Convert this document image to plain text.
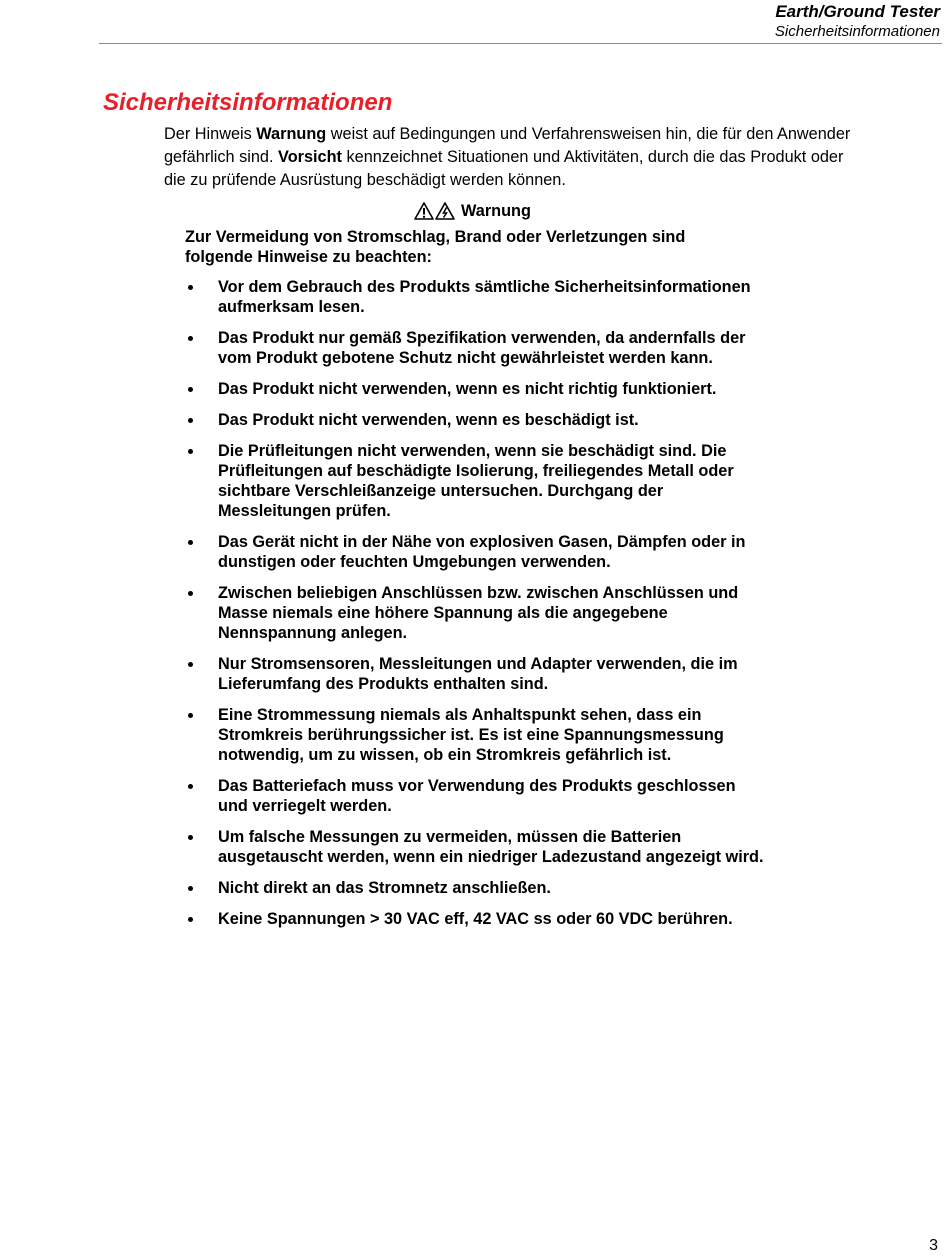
Earth/Ground Tester
Sicherheitsinformationen
Sicherheitsinformationen

Der Hinweis Warnung weist auf Bedingungen und Verfahrensweisen hin, die für den Anwender gefährlich sind. Vorsicht kennzeichnet Situationen und Aktivitäten, durch die das Produkt oder die zu prüfende Ausrüstung beschädigt werden können.

Warnung

Zur Vermeidung von Stromschlag, Brand oder Verletzungen sind folgende Hinweise zu beachten:

Vor dem Gebrauch des Produkts sämtliche Sicherheitsinformationen aufmerksam lesen.
Das Produkt nur gemäß Spezifikation verwenden, da andernfalls der vom Produkt gebotene Schutz nicht gewährleistet werden kann.
Das Produkt nicht verwenden, wenn es nicht richtig funktioniert.
Das Produkt nicht verwenden, wenn es beschädigt ist.
Die Prüfleitungen nicht verwenden, wenn sie beschädigt sind. Die Prüfleitungen auf beschädigte Isolierung, freiliegendes Metall oder sichtbare Verschleißanzeige untersuchen. Durchgang der Messleitungen prüfen.
Das Gerät nicht in der Nähe von explosiven Gasen, Dämpfen oder in dunstigen oder feuchten Umgebungen verwenden.
Zwischen beliebigen Anschlüssen bzw. zwischen Anschlüssen und Masse niemals eine höhere Spannung als die angegebene Nennspannung anlegen.
Nur Stromsensoren, Messleitungen und Adapter verwenden, die im Lieferumfang des Produkts enthalten sind.
Eine Strommessung niemals als Anhaltspunkt sehen, dass ein Stromkreis berührungssicher ist. Es ist eine Spannungsmessung notwendig, um zu wissen, ob ein Stromkreis gefährlich ist.
Das Batteriefach muss vor Verwendung des Produkts geschlossen und verriegelt werden.
Um falsche Messungen zu vermeiden, müssen die Batterien ausgetauscht werden, wenn ein niedriger Ladezustand angezeigt wird.
Nicht direkt an das Stromnetz anschließen.
Keine Spannungen > 30 VAC eff, 42 VAC ss oder 60 VDC berühren.
3
